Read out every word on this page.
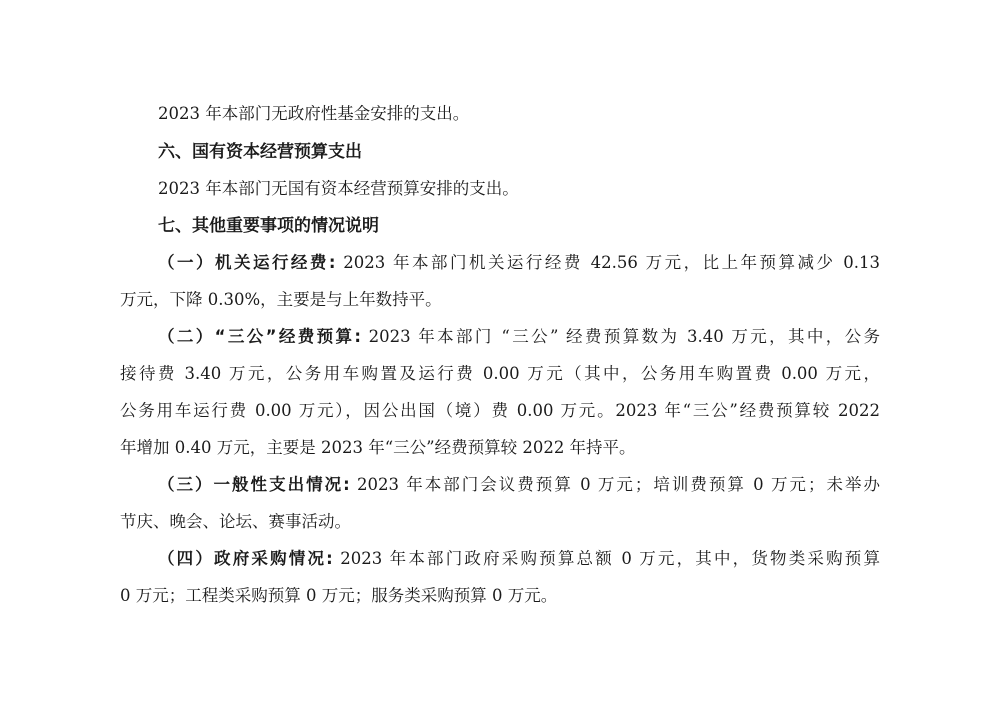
2023 年本部门无政府性基金安排的支出。
六、国有资本经营预算支出
2023 年本部门无国有资本经营预算安排的支出。
七、其他重要事项的情况说明
（一）机关运行经费: 2023 年本部门机关运行经费 42.56 万元，比上年预算减少 0.13
万元，下降 0.30%，主要是与上年数持平。
（二）“三公”经费预算: 2023 年本部门 “三公” 经费预算数为 3.40 万元，其中，公务
接待费 3.40 万元，公务用车购置及运行费 0.00 万元（其中，公务用车购置费 0.00 万元，
公务用车运行费 0.00 万元），因公出国（境）费 0.00 万元。2023 年“三公”经费预算较 2022
年增加 0.40 万元，主要是 2023 年“三公”经费预算较 2022 年持平。
（三）一般性支出情况: 2023 年本部门会议费预算 0 万元；培训费预算 0 万元；未举办
节庆、晚会、论坛、赛事活动。
（四）政府采购情况: 2023 年本部门政府采购预算总额 0 万元，其中，货物类采购预算
0 万元；工程类采购预算 0 万元；服务类采购预算 0 万元。
